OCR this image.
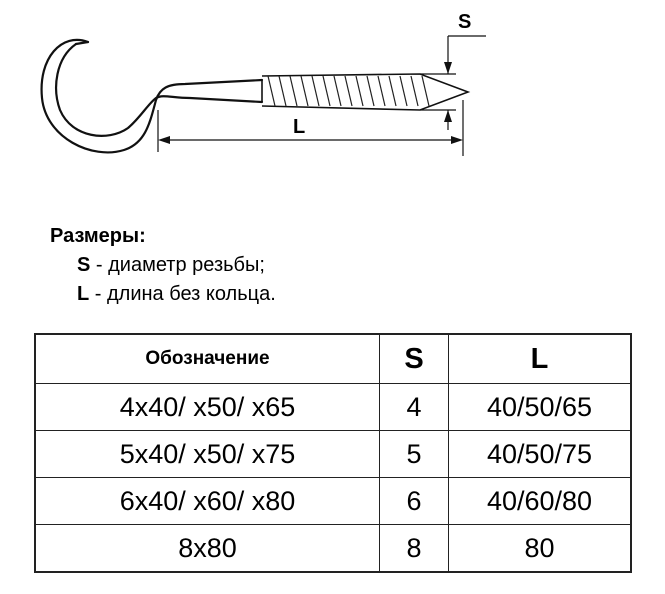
S
L
Размеры:
S - диаметр резьбы;
L - длина без кольца.
Обозначение	S	L
4x40/ x50/ x65	4	40/50/65
5x40/ x50/ x75	5	40/50/75
6x40/ x60/ x80	6	40/60/80
8x80	8	80
